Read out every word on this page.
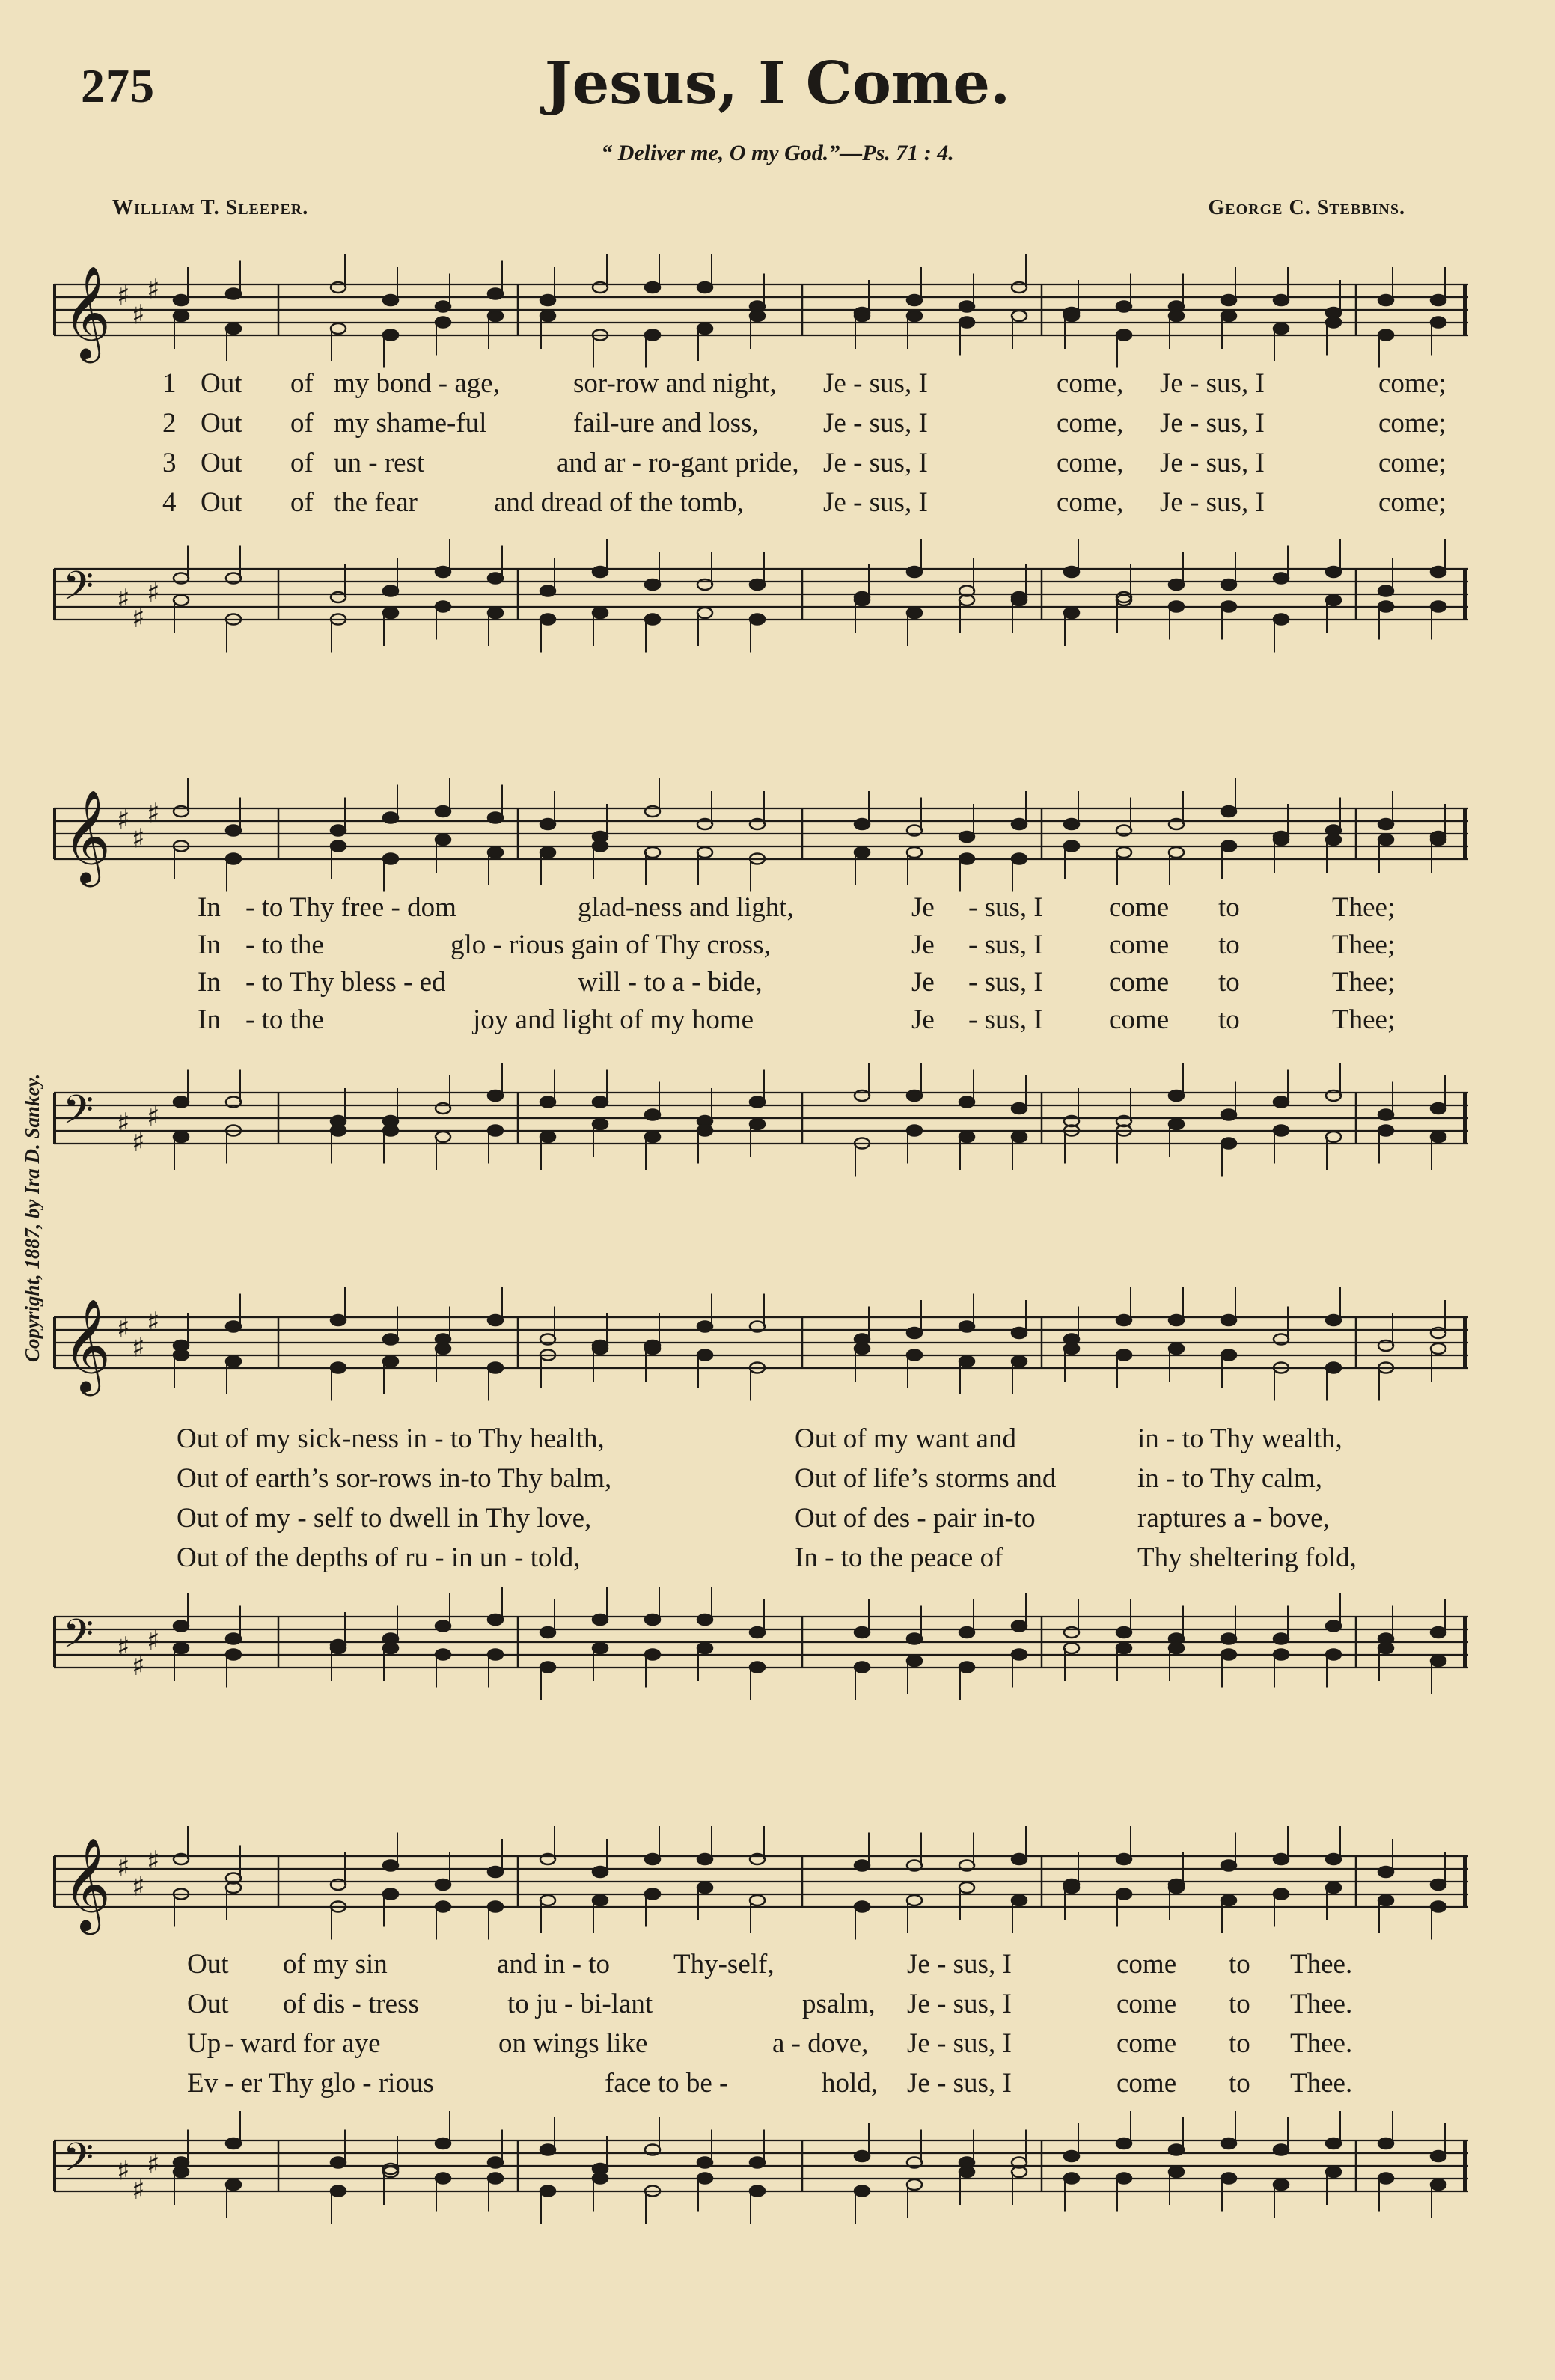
275	Jesus, I Come.
“ Deliver me, O my God.”—Ps. 71 : 4.
William T. Sleeper.	George C. Stebbins.
Copyright, 1887, by Ira D. Sankey.
𝄞 ♯
♯
♯
1 Out of my bond - age,	sor-row and night, Je - sus, I	come, Je - sus, I	come;
2 Out of my shame-ful	fail-ure and loss, Je - sus, I	come, Je - sus, I	come;
3 Out of un - rest	and ar - ro-gant pride, Je - sus, I	come, Je - sus, I	come;
4 Out of the fear	and dread of the tomb,	Je - sus, I	come, Je - sus, I	come;
𝄢 ♯
♯
♯
𝄞 ♯
♯
♯
In - to Thy free - dom	glad-ness and light,	Je - sus, I come to	Thee;
In - to the	glo - rious gain of Thy cross,	Je - sus, I come to	Thee;
In - to Thy bless - ed	will - to a - bide,	Je - sus, I come to	Thee;
In - to the	joy and light of my home	Je - sus, I come to	Thee;
𝄢 ♯
♯
♯
𝄞 ♯
♯
♯
Out of my sick-ness in - to Thy health,	Out of my want and	in - to Thy wealth,
Out of earth’s sor-rows in-to Thy balm,	Out of life’s storms and	in - to Thy calm,
Out of my - self to dwell in Thy love,	Out of des - pair in-to	raptures a - bove,
Out of the depths of ru - in un - told,	In - to the peace of	Thy sheltering fold,
𝄢 ♯
♯
♯
𝄞 ♯
♯
♯
Out of my sin	and in - to Thy-self,	Je - sus, I	come to Thee.
Out of dis - tress	to ju - bi-lant	psalm, Je - sus, I	come to Thee.
Up - ward for aye	on wings like	a - dove, Je - sus, I	come to Thee.
Ev - er Thy glo - rious	face to be -	hold, Je - sus, I	come to Thee.
𝄢 ♯
♯
♯
